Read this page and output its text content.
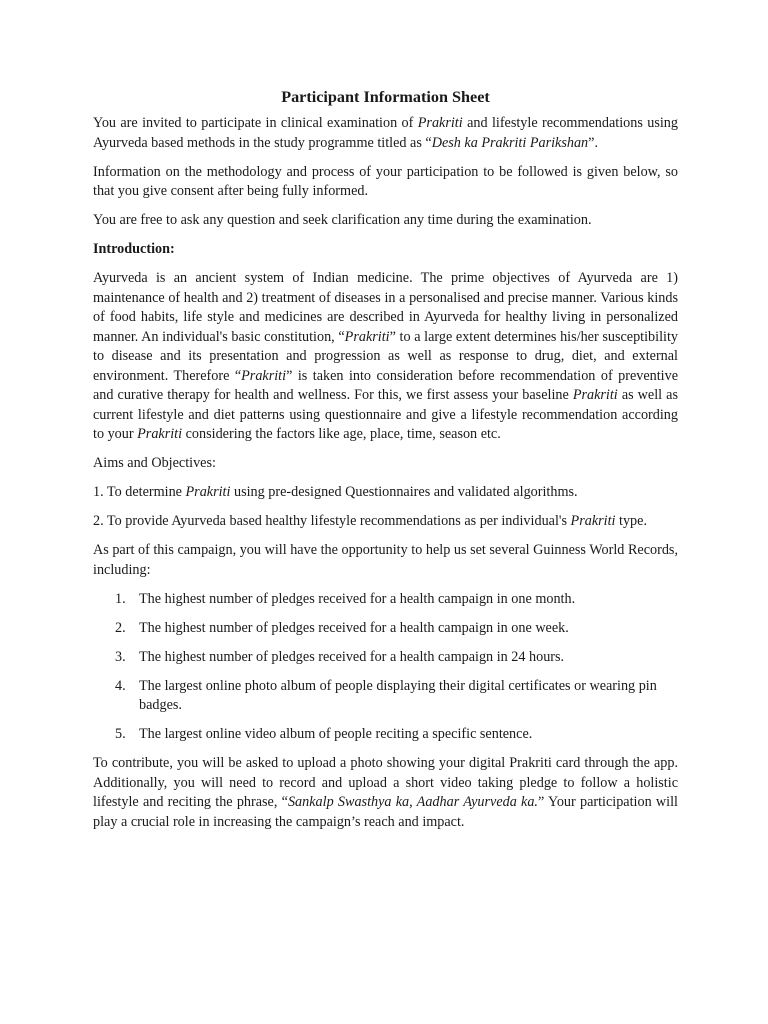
Participant Information Sheet

You are invited to participate in clinical examination of Prakriti and lifestyle recommendations using Ayurveda based methods in the study programme titled as “Desh ka Prakriti Parikshan”.

Information on the methodology and process of your participation to be followed is given below, so that you give consent after being fully informed.

You are free to ask any question and seek clarification any time during the examination.

Introduction:

Ayurveda is an ancient system of Indian medicine. The prime objectives of Ayurveda are 1) maintenance of health and 2) treatment of diseases in a personalised and precise manner. Various kinds of food habits, life style and medicines are described in Ayurveda for healthy living in personalized manner. An individual's basic constitution, “Prakriti” to a large extent determines his/her susceptibility to disease and its presentation and progression as well as response to drug, diet, and external environment. Therefore “Prakriti” is taken into consideration before recommendation of preventive and curative therapy for health and wellness. For this, we first assess your baseline Prakriti as well as current lifestyle and diet patterns using questionnaire and give a lifestyle recommendation according to your Prakriti considering the factors like age, place, time, season etc.

Aims and Objectives:

1. To determine Prakriti using pre-designed Questionnaires and validated algorithms.

2. To provide Ayurveda based healthy lifestyle recommendations as per individual's Prakriti type.

As part of this campaign, you will have the opportunity to help us set several Guinness World Records, including:

1. The highest number of pledges received for a health campaign in one month.
2. The highest number of pledges received for a health campaign in one week.
3. The highest number of pledges received for a health campaign in 24 hours.
4. The largest online photo album of people displaying their digital certificates or wearing pin badges.
5. The largest online video album of people reciting a specific sentence.

To contribute, you will be asked to upload a photo showing your digital Prakriti card through the app. Additionally, you will need to record and upload a short video taking pledge to follow a holistic lifestyle and reciting the phrase, “Sankalp Swasthya ka, Aadhar Ayurveda ka.” Your participation will play a crucial role in increasing the campaign’s reach and impact.
